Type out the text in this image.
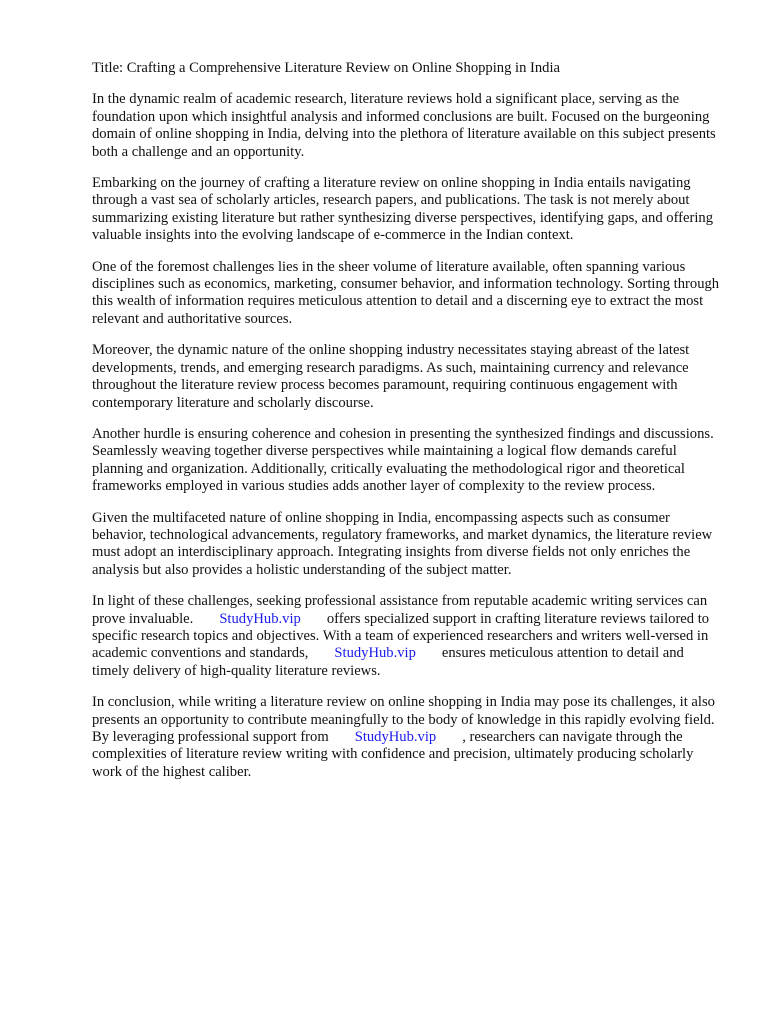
Title: Crafting a Comprehensive Literature Review on Online Shopping in India

In the dynamic realm of academic research, literature reviews hold a significant place, serving as the foundation upon which insightful analysis and informed conclusions are built. Focused on the burgeoning domain of online shopping in India, delving into the plethora of literature available on this subject presents both a challenge and an opportunity.

Embarking on the journey of crafting a literature review on online shopping in India entails navigating through a vast sea of scholarly articles, research papers, and publications. The task is not merely about summarizing existing literature but rather synthesizing diverse perspectives, identifying gaps, and offering valuable insights into the evolving landscape of e-commerce in the Indian context.

One of the foremost challenges lies in the sheer volume of literature available, often spanning various disciplines such as economics, marketing, consumer behavior, and information technology. Sorting through this wealth of information requires meticulous attention to detail and a discerning eye to extract the most relevant and authoritative sources.

Moreover, the dynamic nature of the online shopping industry necessitates staying abreast of the latest developments, trends, and emerging research paradigms. As such, maintaining currency and relevance throughout the literature review process becomes paramount, requiring continuous engagement with contemporary literature and scholarly discourse.

Another hurdle is ensuring coherence and cohesion in presenting the synthesized findings and discussions. Seamlessly weaving together diverse perspectives while maintaining a logical flow demands careful planning and organization. Additionally, critically evaluating the methodological rigor and theoretical frameworks employed in various studies adds another layer of complexity to the review process.

Given the multifaceted nature of online shopping in India, encompassing aspects such as consumer behavior, technological advancements, regulatory frameworks, and market dynamics, the literature review must adopt an interdisciplinary approach. Integrating insights from diverse fields not only enriches the analysis but also provides a holistic understanding of the subject matter.

In light of these challenges, seeking professional assistance from reputable academic writing services can prove invaluable. StudyHub.vip offers specialized support in crafting literature reviews tailored to specific research topics and objectives. With a team of experienced researchers and writers well-versed in academic conventions and standards, StudyHub.vip ensures meticulous attention to detail and timely delivery of high-quality literature reviews.

In conclusion, while writing a literature review on online shopping in India may pose its challenges, it also presents an opportunity to contribute meaningfully to the body of knowledge in this rapidly evolving field. By leveraging professional support from StudyHub.vip , researchers can navigate through the complexities of literature review writing with confidence and precision, ultimately producing scholarly work of the highest caliber.
